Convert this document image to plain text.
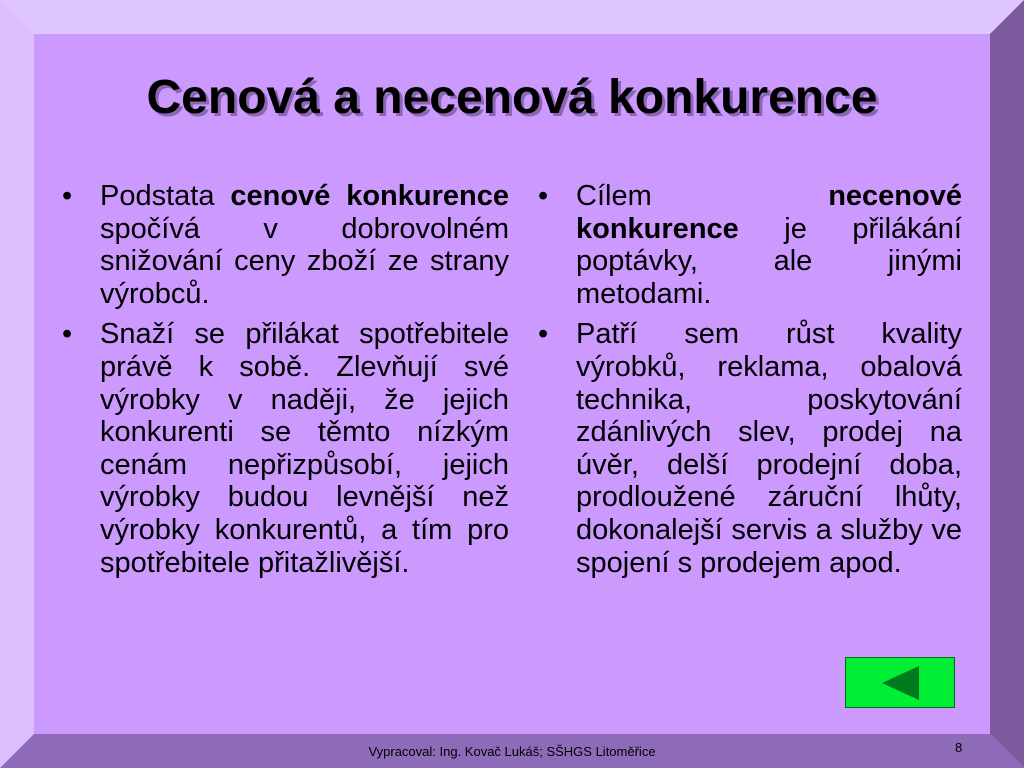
Cenová a necenová konkurence
• Podstata cenové konkurence spočívá v dobrovolném snižování ceny zboží ze strany výrobců.
• Snaží se přilákat spotřebitele právě k sobě. Zlevňují své výrobky v naději, že jejich konkurenti se těmto nízkým cenám nepřizpůsobí, jejich výrobky budou levnější než výrobky konkurentů, a tím pro spotřebitele přitažlivější.
• Cílem necenové konkurence je přilákání poptávky, ale jinými metodami.
• Patří sem růst kvality výrobků, reklama, obalová technika, poskytování zdánlivých slev, prodej na úvěr, delší prodejní doba, prodloužené záruční lhůty, dokonalejší servis a služby ve spojení s prodejem apod.
Vypracoval: Ing. Kovač Lukáš; SŠHGS Litoměřice	8
